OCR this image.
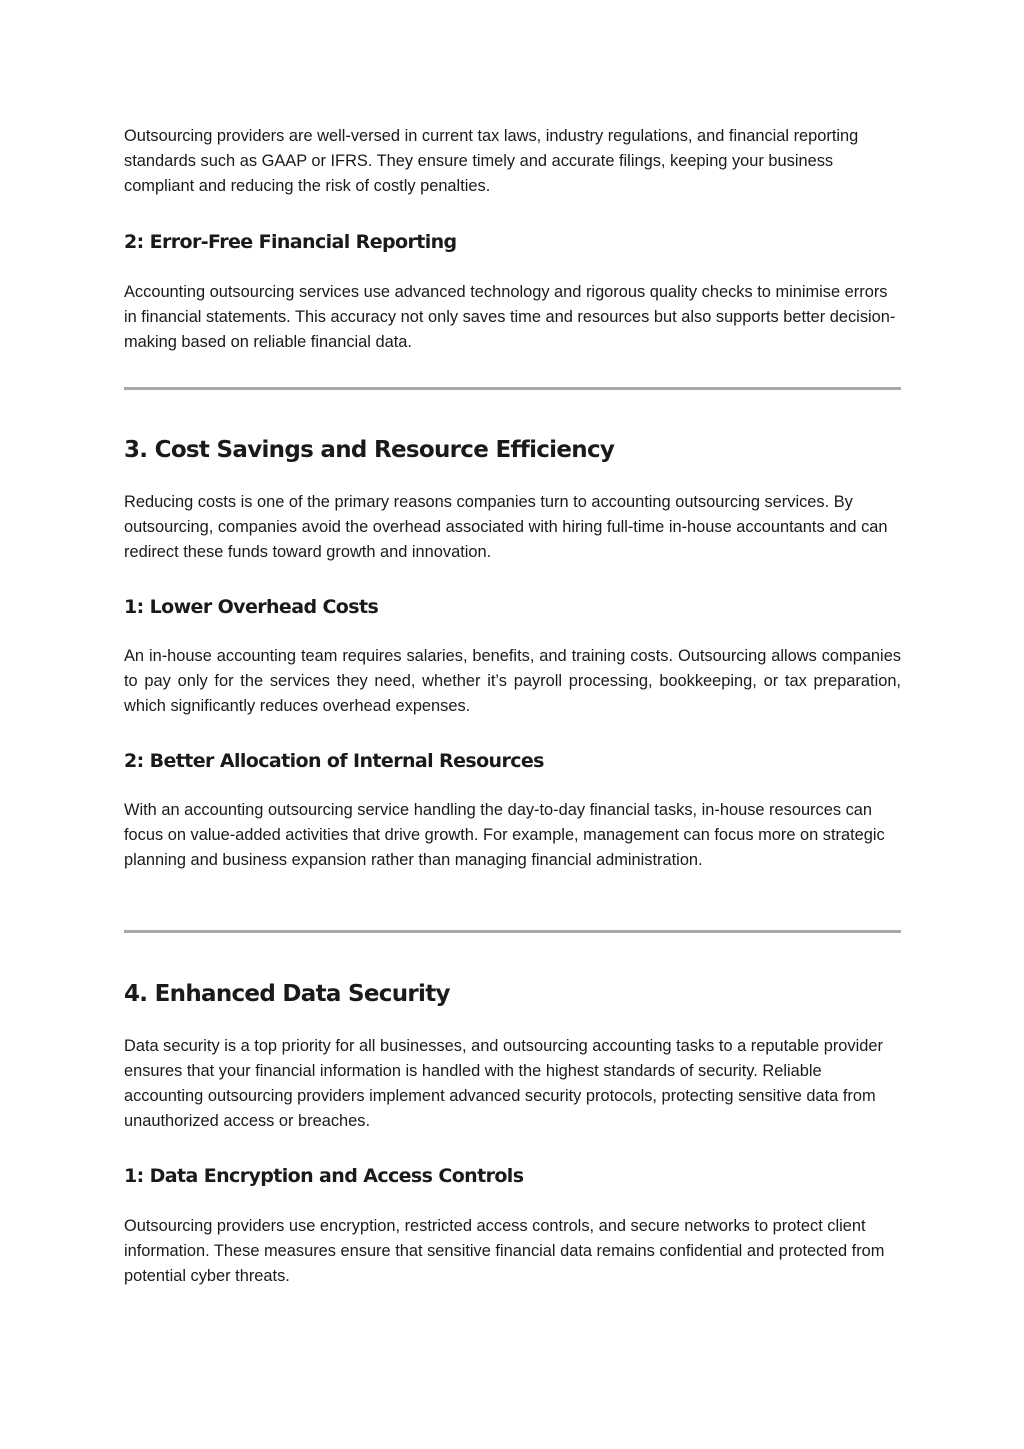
Outsourcing providers are well-versed in current tax laws, industry regulations, and financial reporting standards such as GAAP or IFRS. They ensure timely and accurate filings, keeping your business compliant and reducing the risk of costly penalties.

2: Error-Free Financial Reporting

Accounting outsourcing services use advanced technology and rigorous quality checks to minimise errors in financial statements. This accuracy not only saves time and resources but also supports better decision-making based on reliable financial data.

3. Cost Savings and Resource Efficiency

Reducing costs is one of the primary reasons companies turn to accounting outsourcing services. By outsourcing, companies avoid the overhead associated with hiring full-time in-house accountants and can redirect these funds toward growth and innovation.

1: Lower Overhead Costs

An in-house accounting team requires salaries, benefits, and training costs. Outsourcing allows companies to pay only for the services they need, whether it’s payroll processing, bookkeeping, or tax preparation, which significantly reduces overhead expenses.

2: Better Allocation of Internal Resources

With an accounting outsourcing service handling the day-to-day financial tasks, in-house resources can focus on value-added activities that drive growth. For example, management can focus more on strategic planning and business expansion rather than managing financial administration.

4. Enhanced Data Security

Data security is a top priority for all businesses, and outsourcing accounting tasks to a reputable provider ensures that your financial information is handled with the highest standards of security. Reliable accounting outsourcing providers implement advanced security protocols, protecting sensitive data from unauthorized access or breaches.

1: Data Encryption and Access Controls

Outsourcing providers use encryption, restricted access controls, and secure networks to protect client information. These measures ensure that sensitive financial data remains confidential and protected from potential cyber threats.
